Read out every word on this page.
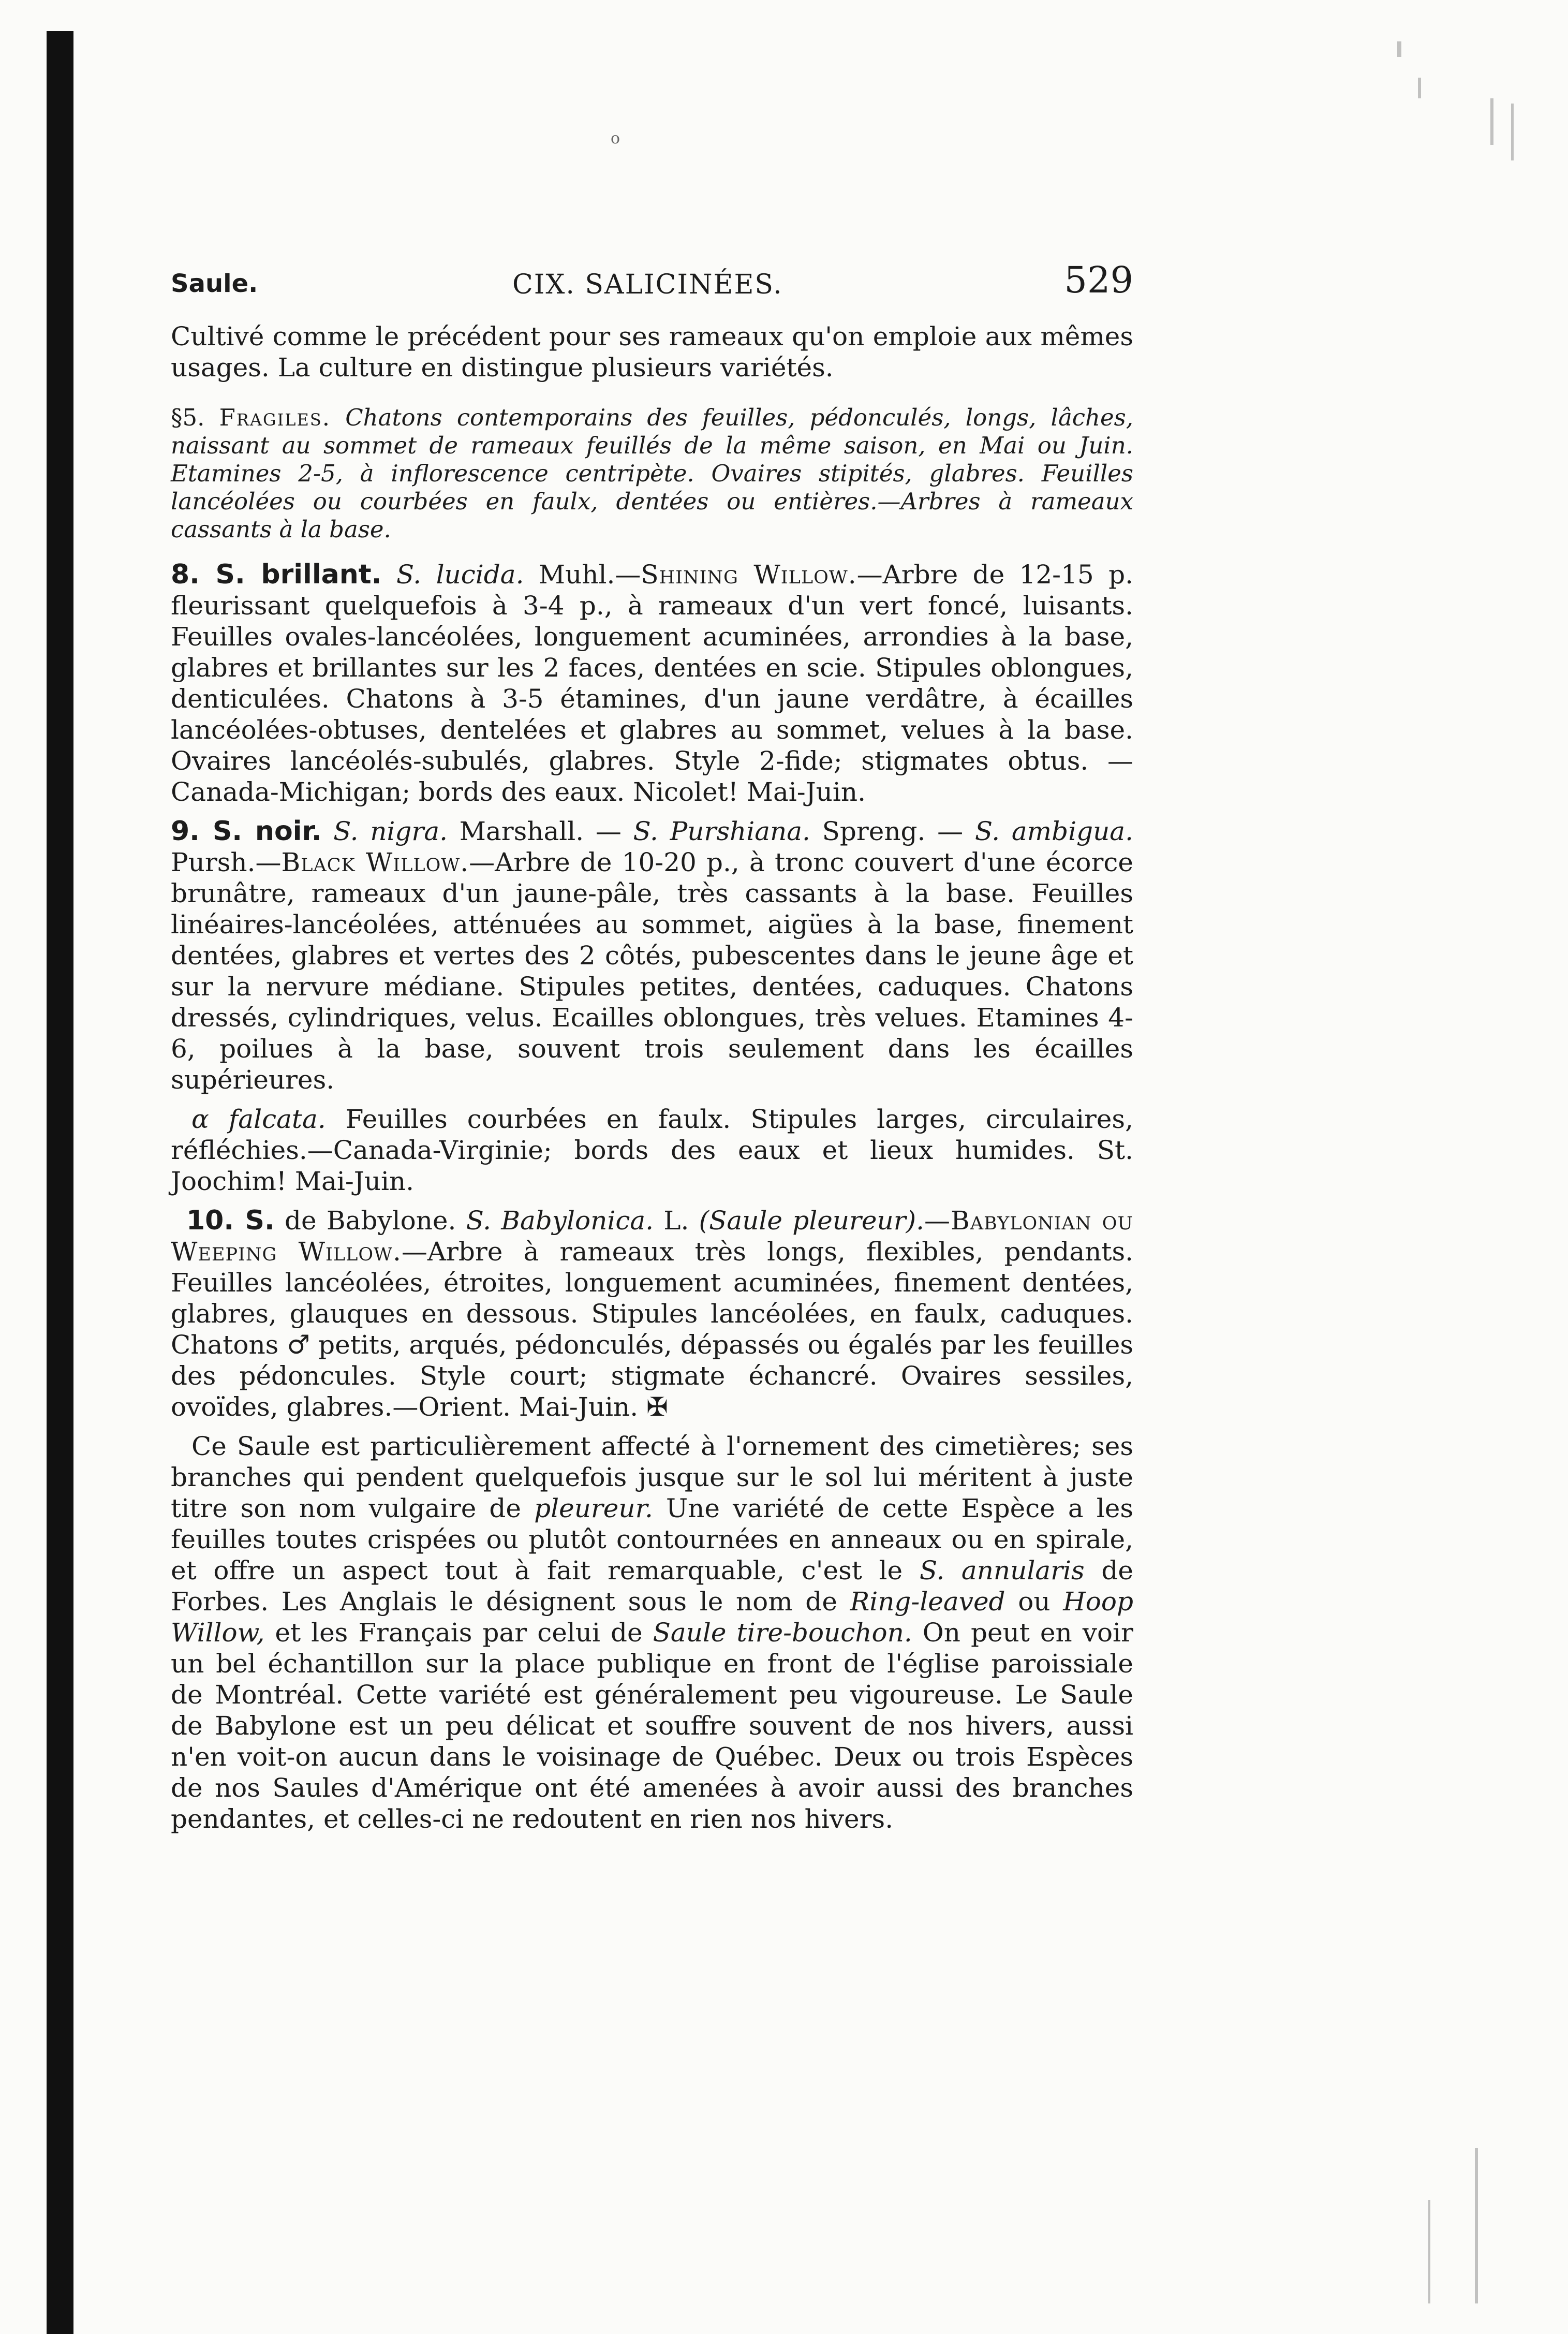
o
Saule.	CIX. SALICINÉES.	529

Cultivé comme le précédent pour ses rameaux qu'on emploie aux mêmes usages. La culture en distingue plusieurs variétés.

§5. Fragiles. Chatons contemporains des feuilles, pédonculés, longs, lâches, naissant au sommet de rameaux feuillés de la même saison, en Mai ou Juin. Etamines 2-5, à inflorescence centripète. Ovaires stipités, glabres. Feuilles lancéolées ou courbées en faulx, dentées ou entières.—Arbres à rameaux cassants à la base.

8. S. brillant. S. lucida. Muhl.—Shining Willow.—Arbre de 12-15 p. fleurissant quelquefois à 3-4 p., à rameaux d'un vert foncé, luisants. Feuilles ovales-lancéolées, longuement acuminées, arrondies à la base, glabres et brillantes sur les 2 faces, dentées en scie. Stipules oblongues, denticulées. Chatons à 3-5 étamines, d'un jaune verdâtre, à écailles lancéolées-obtuses, dentelées et glabres au sommet, velues à la base. Ovaires lancéolés-subulés, glabres. Style 2-fide; stigmates obtus. —Canada-Michigan; bords des eaux. Nicolet! Mai-Juin.

9. S. noir. S. nigra. Marshall. — S. Purshiana. Spreng. — S. ambigua. Pursh.—Black Willow.—Arbre de 10-20 p., à tronc couvert d'une écorce brunâtre, rameaux d'un jaune-pâle, très cassants à la base. Feuilles linéaires-lancéolées, atténuées au sommet, aigües à la base, finement dentées, glabres et vertes des 2 côtés, pubescentes dans le jeune âge et sur la nervure médiane. Stipules petites, dentées, caduques. Chatons dressés, cylindriques, velus. Ecailles oblongues, très velues. Etamines 4-6, poilues à la base, souvent trois seulement dans les écailles supérieures.

α falcata. Feuilles courbées en faulx. Stipules larges, circulaires, réfléchies.—Canada-Virginie; bords des eaux et lieux humides. St. Joochim! Mai-Juin.

10. S. de Babylone. S. Babylonica. L. (Saule pleureur).—Babylonian ou Weeping Willow.—Arbre à rameaux très longs, flexibles, pendants. Feuilles lancéolées, étroites, longuement acuminées, finement dentées, glabres, glauques en dessous. Stipules lancéolées, en faulx, caduques. Chatons ♂ petits, arqués, pédonculés, dépassés ou égalés par les feuilles des pédoncules. Style court; stigmate échancré. Ovaires sessiles, ovoïdes, glabres.—Orient. Mai-Juin. ✠

Ce Saule est particulièrement affecté à l'ornement des cimetières; ses branches qui pendent quelquefois jusque sur le sol lui méritent à juste titre son nom vulgaire de pleureur. Une variété de cette Espèce a les feuilles toutes crispées ou plutôt contournées en anneaux ou en spirale, et offre un aspect tout à fait remarquable, c'est le S. annularis de Forbes. Les Anglais le désignent sous le nom de Ring-leaved ou Hoop Willow, et les Français par celui de Saule tire-bouchon. On peut en voir un bel échantillon sur la place publique en front de l'église paroissiale de Montréal. Cette variété est généralement peu vigoureuse. Le Saule de Babylone est un peu délicat et souffre souvent de nos hivers, aussi n'en voit-on aucun dans le voisinage de Québec. Deux ou trois Espèces de nos Saules d'Amérique ont été amenées à avoir aussi des branches pendantes, et celles-ci ne redoutent en rien nos hivers.
